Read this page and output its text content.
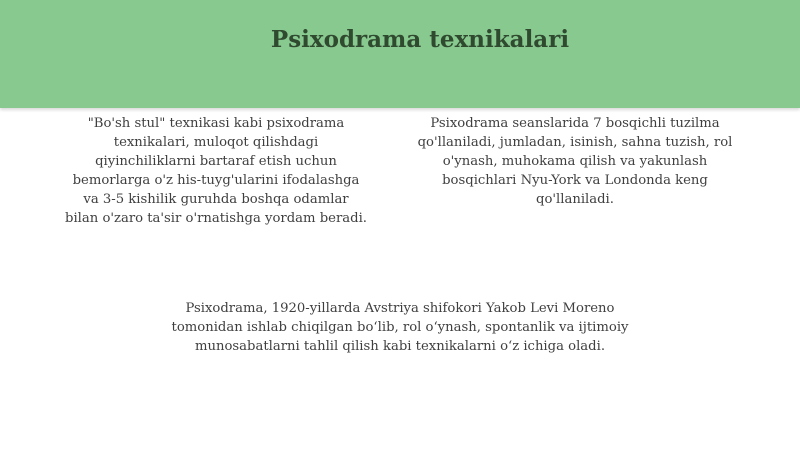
Psixodrama texnikalari

"Bo'sh stul" texnikasi kabi psixodrama
texnikalari, muloqot qilishdagi
qiyinchiliklarni bartaraf etish uchun
bemorlarga o'z his-tuyg'ularini ifodalashga
va 3-5 kishilik guruhda boshqa odamlar
bilan o'zaro ta'sir o'rnatishga yordam beradi.

Psixodrama seanslarida 7 bosqichli tuzilma
qo'llaniladi, jumladan, isinish, sahna tuzish, rol
o'ynash, muhokama qilish va yakunlash
bosqichlari Nyu-York va Londonda keng
qo'llaniladi.

Psixodrama, 1920-yillarda Avstriya shifokori Yakob Levi Moreno
tomonidan ishlab chiqilgan bo‘lib, rol o‘ynash, spontanlik va ijtimoiy
munosabatlarni tahlil qilish kabi texnikalarni o‘z ichiga oladi.
